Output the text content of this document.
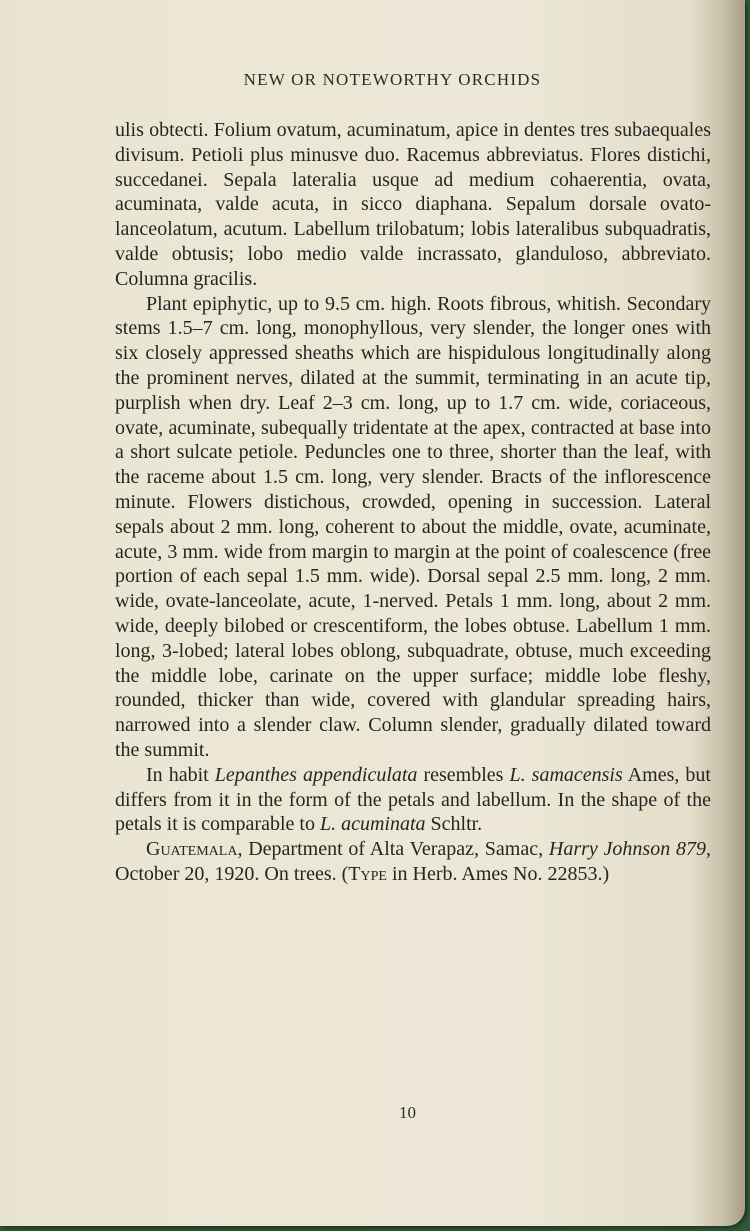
NEW OR NOTEWORTHY ORCHIDS

ulis obtecti. Folium ovatum, acuminatum, apice in dentes tres subaequales divisum. Petioli plus minusve duo. Racemus abbreviatus. Flores distichi, succedanei. Sepala lateralia usque ad medium cohaerentia, ovata, acuminata, valde acuta, in sicco diaphana. Sepalum dorsale ovato-lanceolatum, acutum. Labellum trilobatum; lobis lateralibus subquadratis, valde obtusis; lobo medio valde incrassato, glanduloso, abbreviato. Columna gracilis.

Plant epiphytic, up to 9.5 cm. high. Roots fibrous, whitish. Secondary stems 1.5–7 cm. long, monophyllous, very slender, the longer ones with six closely appressed sheaths which are hispidulous longitudinally along the prominent nerves, dilated at the summit, terminating in an acute tip, purplish when dry. Leaf 2–3 cm. long, up to 1.7 cm. wide, coriaceous, ovate, acuminate, subequally tridentate at the apex, contracted at base into a short sulcate petiole. Peduncles one to three, shorter than the leaf, with the raceme about 1.5 cm. long, very slender. Bracts of the inflorescence minute. Flowers distichous, crowded, opening in succession. Lateral sepals about 2 mm. long, coherent to about the middle, ovate, acuminate, acute, 3 mm. wide from margin to margin at the point of coalescence (free portion of each sepal 1.5 mm. wide). Dorsal sepal 2.5 mm. long, 2 mm. wide, ovate-lanceolate, acute, 1-nerved. Petals 1 mm. long, about 2 mm. wide, deeply bilobed or crescentiform, the lobes obtuse. Labellum 1 mm. long, 3-lobed; lateral lobes oblong, subquadrate, obtuse, much exceeding the middle lobe, carinate on the upper surface; middle lobe fleshy, rounded, thicker than wide, covered with glandular spreading hairs, narrowed into a slender claw. Column slender, gradually dilated toward the summit.

In habit Lepanthes appendiculata resembles L. samacensis Ames, but differs from it in the form of the petals and labellum. In the shape of the petals it is comparable to L. acuminata Schltr.

Guatemala, Department of Alta Verapaz, Samac, Harry Johnson 879, October 20, 1920. On trees. (Type in Herb. Ames No. 22853.)

10
